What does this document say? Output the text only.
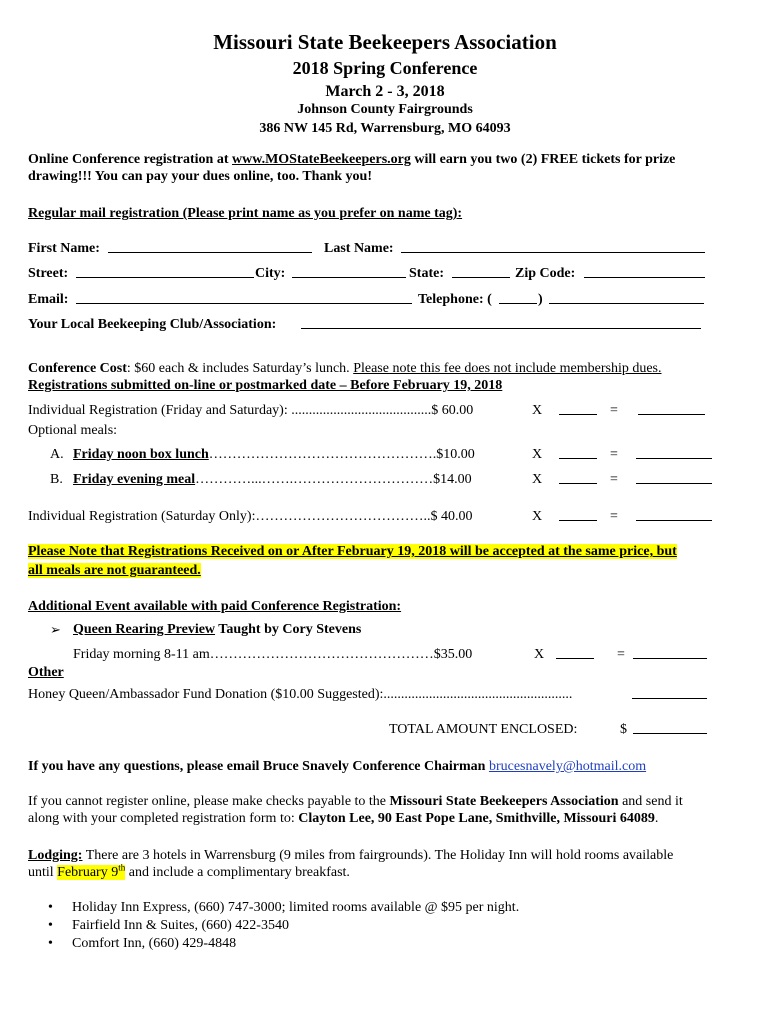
Missouri State Beekeepers Association
2018 Spring Conference
March 2 - 3, 2018
Johnson County Fairgrounds
386 NW 145 Rd, Warrensburg, MO 64093
Online Conference registration at www.MOStateBeekeepers.org will earn you two (2) FREE tickets for prize
drawing!!! You can pay your dues online, too. Thank you!
Regular mail registration (Please print name as you prefer on name tag):
First Name:	Last Name:
Street:	City:	State:	Zip Code:
Email:	Telephone: (	)
Your Local Beekeeping Club/Association:
Conference Cost: $60 each & includes Saturday’s lunch. Please note this fee does not include membership dues.
Registrations submitted on-line or postmarked date – Before February 19, 2018
Individual Registration (Friday and Saturday): ........................................$ 60.00	X	=
Optional meals:
A. Friday noon box lunch………………………………………….$10.00	X	=
B. Friday evening meal…………...…….…………………………$14.00	X	=
Individual Registration (Saturday Only):………………………………..$ 40.00	X	=
Please Note that Registrations Received on or After February 19, 2018 will be accepted at the same price, but
all meals are not guaranteed.
Additional Event available with paid Conference Registration:
➢ Queen Rearing Preview Taught by Cory Stevens
Friday morning 8-11 am…………………………………………$35.00	X	=
Other
Honey Queen/Ambassador Fund Donation ($10.00 Suggested):......................................................
TOTAL AMOUNT ENCLOSED:	$
If you have any questions, please email Bruce Snavely Conference Chairman brucesnavely@hotmail.com
If you cannot register online, please make checks payable to the Missouri State Beekeepers Association and send it
along with your completed registration form to: Clayton Lee, 90 East Pope Lane, Smithville, Missouri 64089.
Lodging: There are 3 hotels in Warrensburg (9 miles from fairgrounds). The Holiday Inn will hold rooms available
until February 9th and include a complimentary breakfast.
• Holiday Inn Express, (660) 747-3000; limited rooms available @ $95 per night.
• Fairfield Inn & Suites, (660) 422-3540
• Comfort Inn, (660) 429-4848
